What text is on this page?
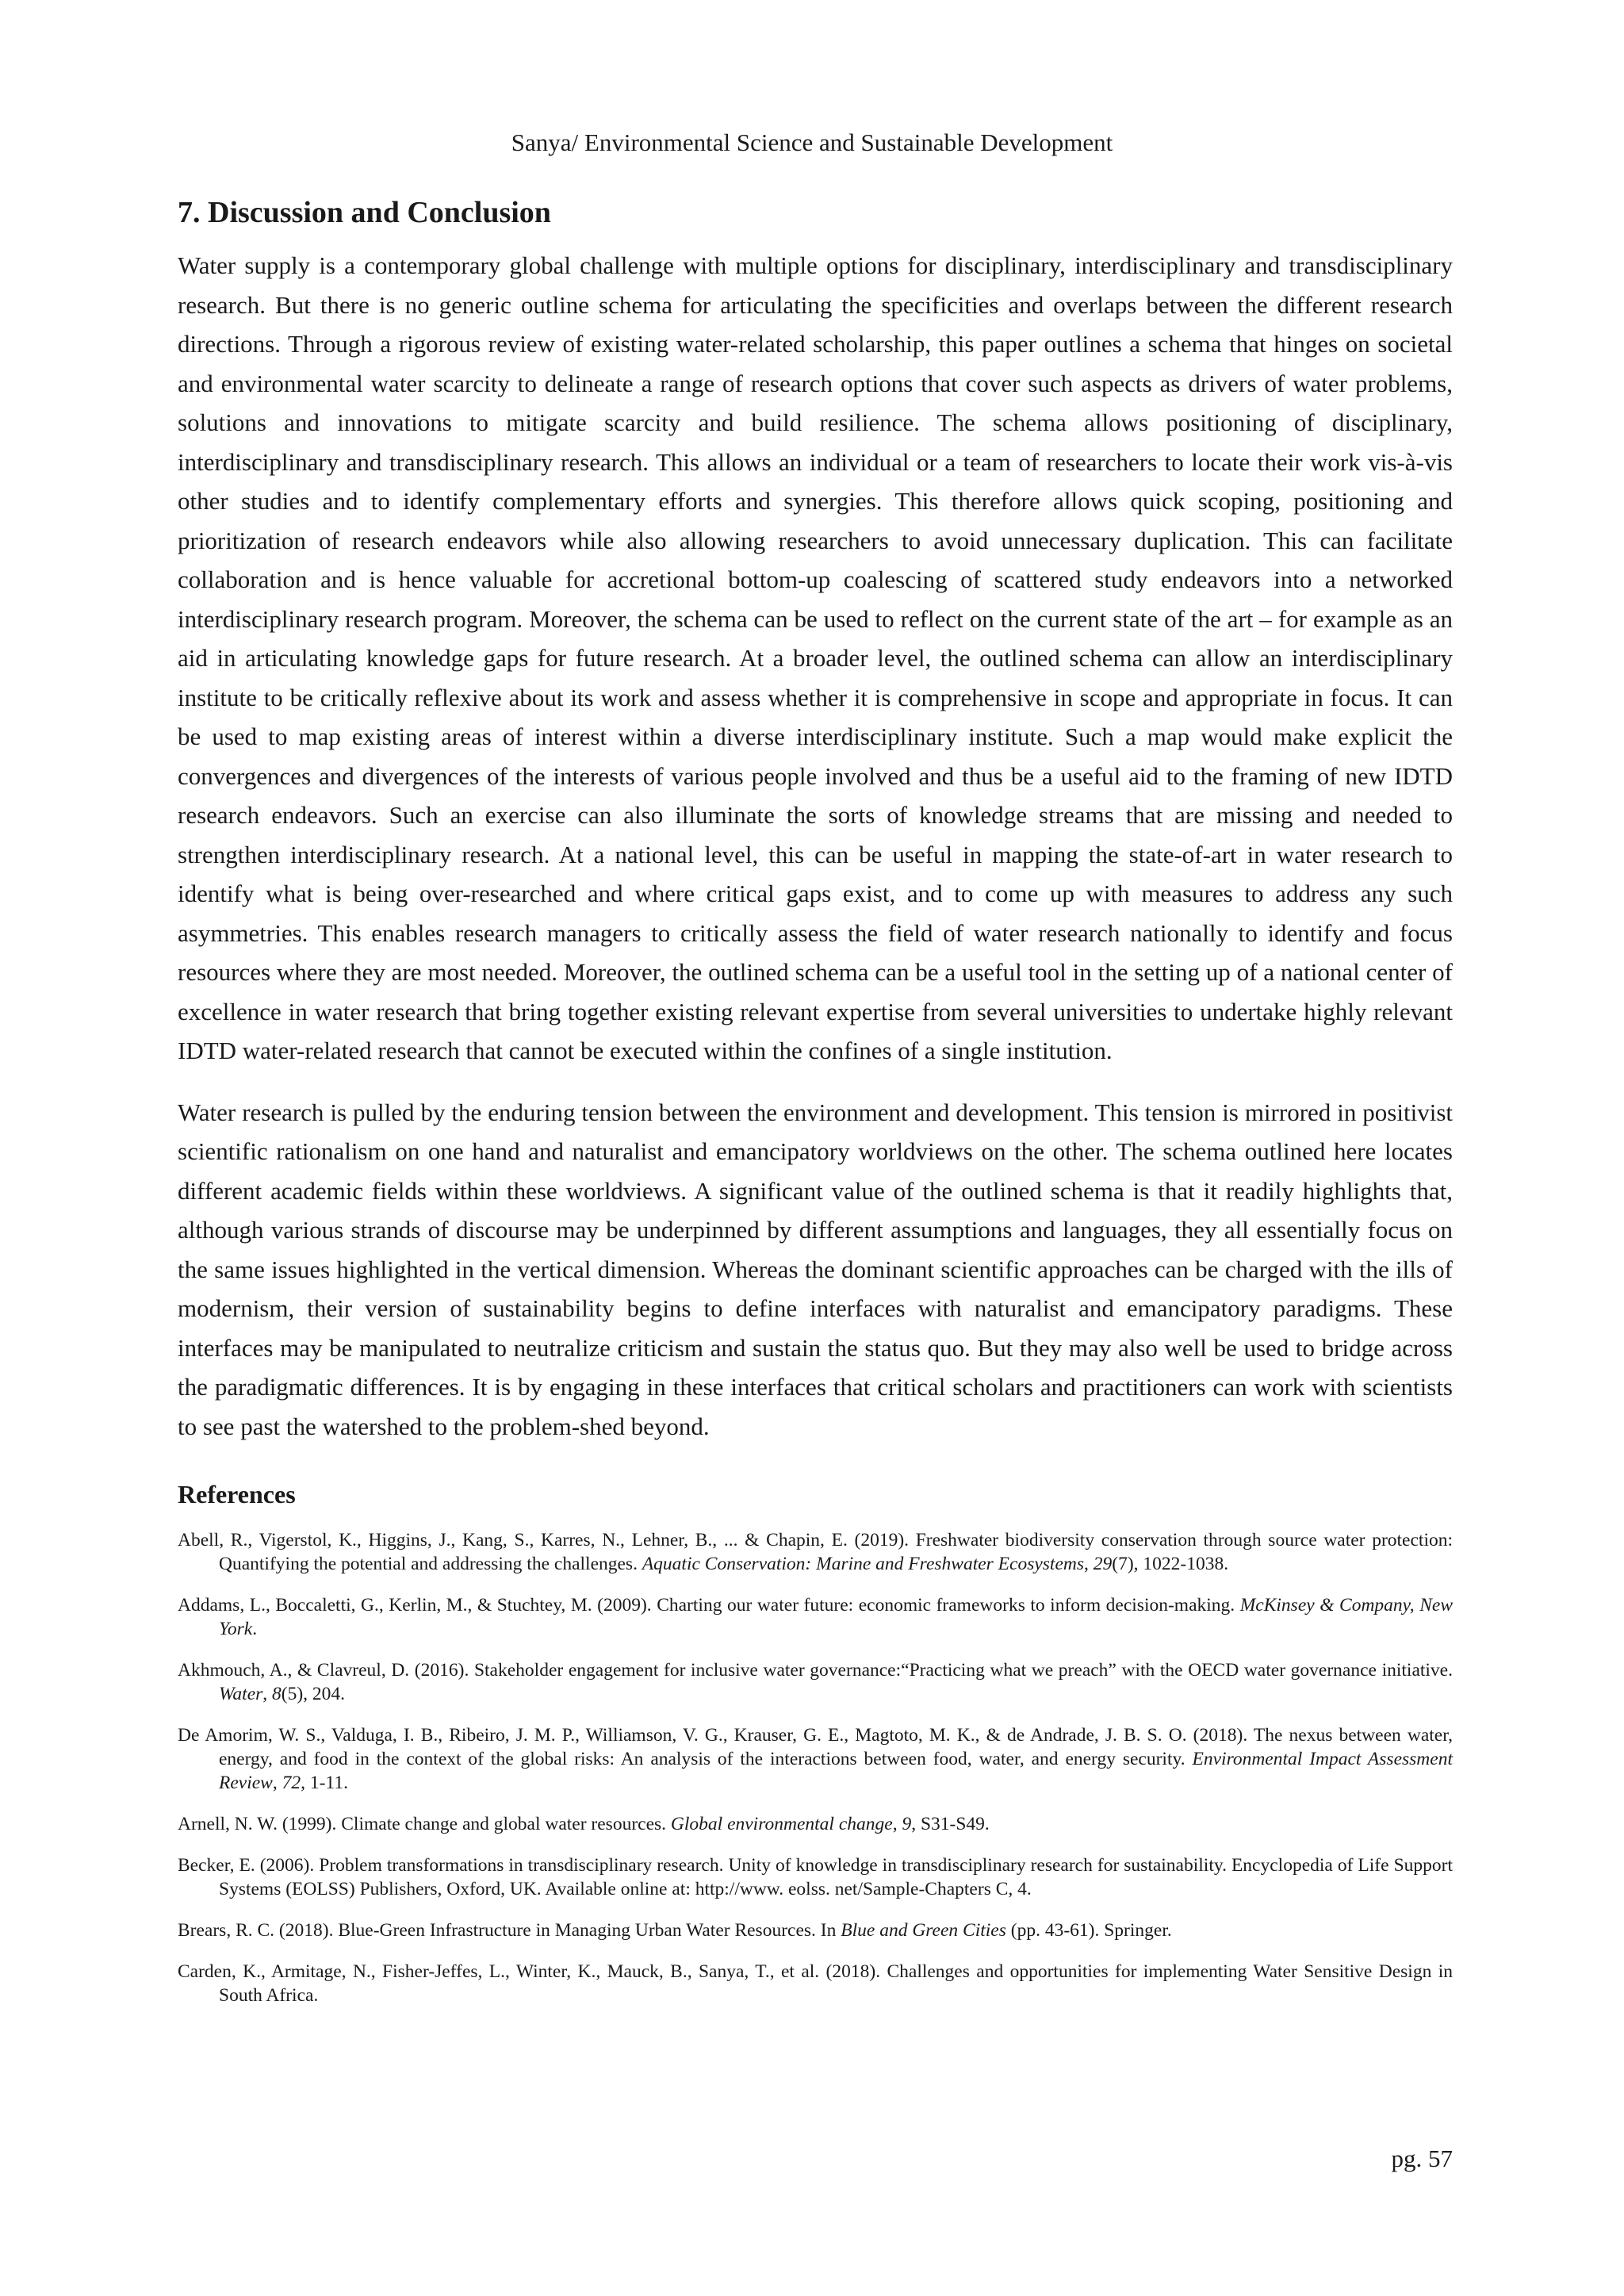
Sanya/ Environmental Science and Sustainable Development
7. Discussion and Conclusion

Water supply is a contemporary global challenge with multiple options for disciplinary, interdisciplinary and transdisciplinary research. But there is no generic outline schema for articulating the specificities and overlaps between the different research directions. Through a rigorous review of existing water-related scholarship, this paper outlines a schema that hinges on societal and environmental water scarcity to delineate a range of research options that cover such aspects as drivers of water problems, solutions and innovations to mitigate scarcity and build resilience. The schema allows positioning of disciplinary, interdisciplinary and transdisciplinary research. This allows an individual or a team of researchers to locate their work vis-à-vis other studies and to identify complementary efforts and synergies. This therefore allows quick scoping, positioning and prioritization of research endeavors while also allowing researchers to avoid unnecessary duplication. This can facilitate collaboration and is hence valuable for accretional bottom-up coalescing of scattered study endeavors into a networked interdisciplinary research program. Moreover, the schema can be used to reflect on the current state of the art – for example as an aid in articulating knowledge gaps for future research. At a broader level, the outlined schema can allow an interdisciplinary institute to be critically reflexive about its work and assess whether it is comprehensive in scope and appropriate in focus. It can be used to map existing areas of interest within a diverse interdisciplinary institute. Such a map would make explicit the convergences and divergences of the interests of various people involved and thus be a useful aid to the framing of new IDTD research endeavors. Such an exercise can also illuminate the sorts of knowledge streams that are missing and needed to strengthen interdisciplinary research. At a national level, this can be useful in mapping the state-of-art in water research to identify what is being over-researched and where critical gaps exist, and to come up with measures to address any such asymmetries. This enables research managers to critically assess the field of water research nationally to identify and focus resources where they are most needed. Moreover, the outlined schema can be a useful tool in the setting up of a national center of excellence in water research that bring together existing relevant expertise from several universities to undertake highly relevant IDTD water-related research that cannot be executed within the confines of a single institution.

Water research is pulled by the enduring tension between the environment and development. This tension is mirrored in positivist scientific rationalism on one hand and naturalist and emancipatory worldviews on the other. The schema outlined here locates different academic fields within these worldviews. A significant value of the outlined schema is that it readily highlights that, although various strands of discourse may be underpinned by different assumptions and languages, they all essentially focus on the same issues highlighted in the vertical dimension. Whereas the dominant scientific approaches can be charged with the ills of modernism, their version of sustainability begins to define interfaces with naturalist and emancipatory paradigms. These interfaces may be manipulated to neutralize criticism and sustain the status quo. But they may also well be used to bridge across the paradigmatic differences. It is by engaging in these interfaces that critical scholars and practitioners can work with scientists to see past the watershed to the problem-shed beyond.

References
Abell, R., Vigerstol, K., Higgins, J., Kang, S., Karres, N., Lehner, B., ... & Chapin, E. (2019). Freshwater biodiversity conservation through source water protection: Quantifying the potential and addressing the challenges. Aquatic Conservation: Marine and Freshwater Ecosystems, 29(7), 1022-1038.
Addams, L., Boccaletti, G., Kerlin, M., & Stuchtey, M. (2009). Charting our water future: economic frameworks to inform decision-making. McKinsey & Company, New York.
Akhmouch, A., & Clavreul, D. (2016). Stakeholder engagement for inclusive water governance:“Practicing what we preach” with the OECD water governance initiative. Water, 8(5), 204.
De Amorim, W. S., Valduga, I. B., Ribeiro, J. M. P., Williamson, V. G., Krauser, G. E., Magtoto, M. K., & de Andrade, J. B. S. O. (2018). The nexus between water, energy, and food in the context of the global risks: An analysis of the interactions between food, water, and energy security. Environmental Impact Assessment Review, 72, 1-11.
Arnell, N. W. (1999). Climate change and global water resources. Global environmental change, 9, S31-S49.
Becker, E. (2006). Problem transformations in transdisciplinary research. Unity of knowledge in transdisciplinary research for sustainability. Encyclopedia of Life Support Systems (EOLSS) Publishers, Oxford, UK. Available online at: http://www. eolss. net/Sample-Chapters C, 4.
Brears, R. C. (2018). Blue-Green Infrastructure in Managing Urban Water Resources. In Blue and Green Cities (pp. 43-61). Springer.
Carden, K., Armitage, N., Fisher-Jeffes, L., Winter, K., Mauck, B., Sanya, T., et al. (2018). Challenges and opportunities for implementing Water Sensitive Design in South Africa.
pg. 57
